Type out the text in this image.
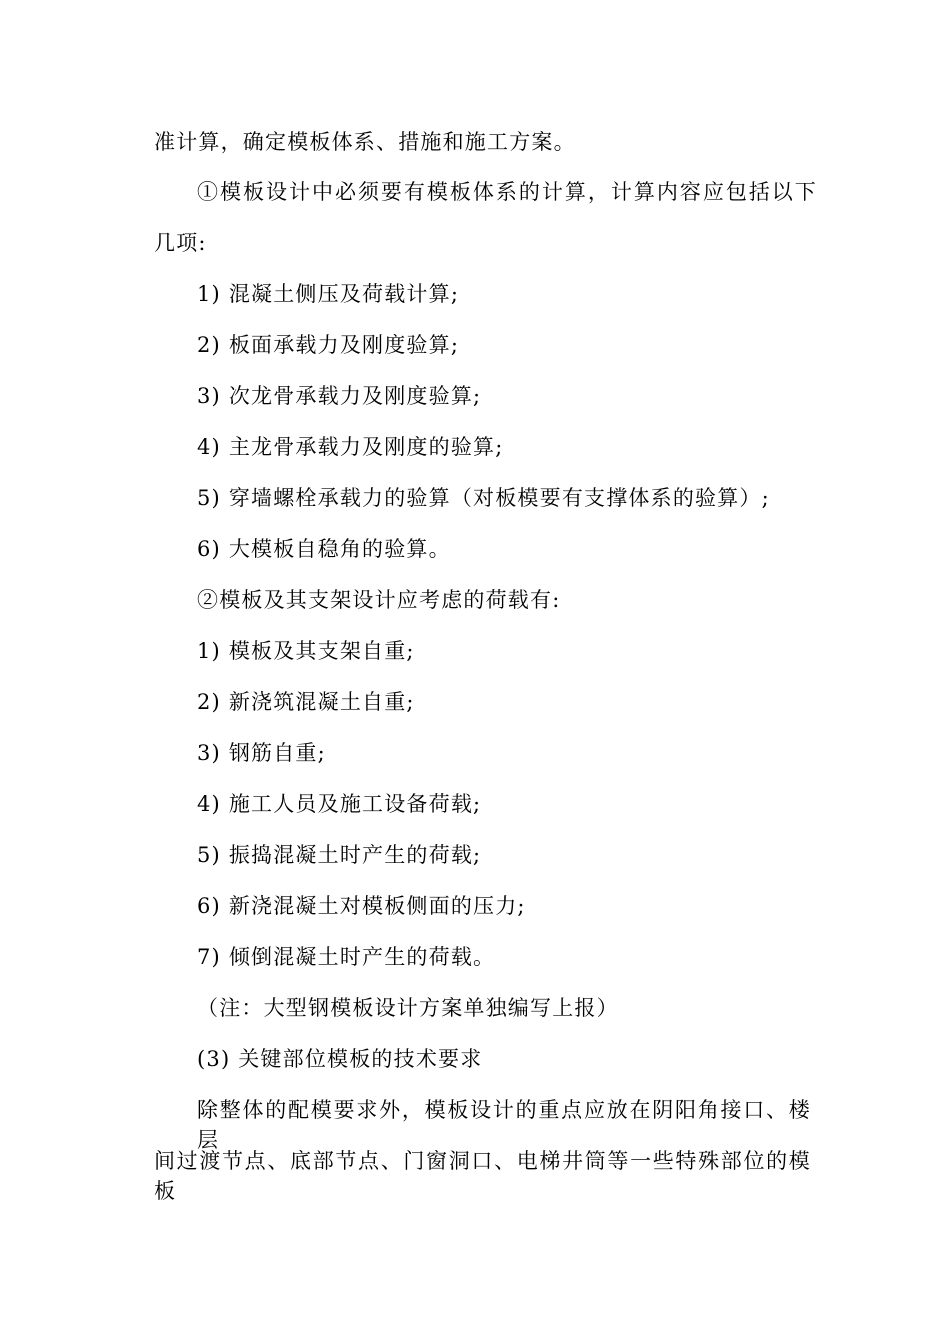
准计算，确定模板体系、措施和施工方案。
①模板设计中必须要有模板体系的计算，计算内容应包括以下
几项:
1) 混凝土侧压及荷载计算;
2) 板面承载力及刚度验算;
3) 次龙骨承载力及刚度验算;
4) 主龙骨承载力及刚度的验算;
5) 穿墙螺栓承载力的验算（对板模要有支撑体系的验算）;
6) 大模板自稳角的验算。
②模板及其支架设计应考虑的荷载有:
1) 模板及其支架自重;
2) 新浇筑混凝土自重;
3) 钢筋自重;
4) 施工人员及施工设备荷载;
5) 振捣混凝土时产生的荷载;
6) 新浇混凝土对模板侧面的压力;
7) 倾倒混凝土时产生的荷载。
（注：大型钢模板设计方案单独编写上报）
(3) 关键部位模板的技术要求
除整体的配模要求外，模板设计的重点应放在阴阳角接口、楼层
间过渡节点、底部节点、门窗洞口、电梯井筒等一些特殊部位的模板
